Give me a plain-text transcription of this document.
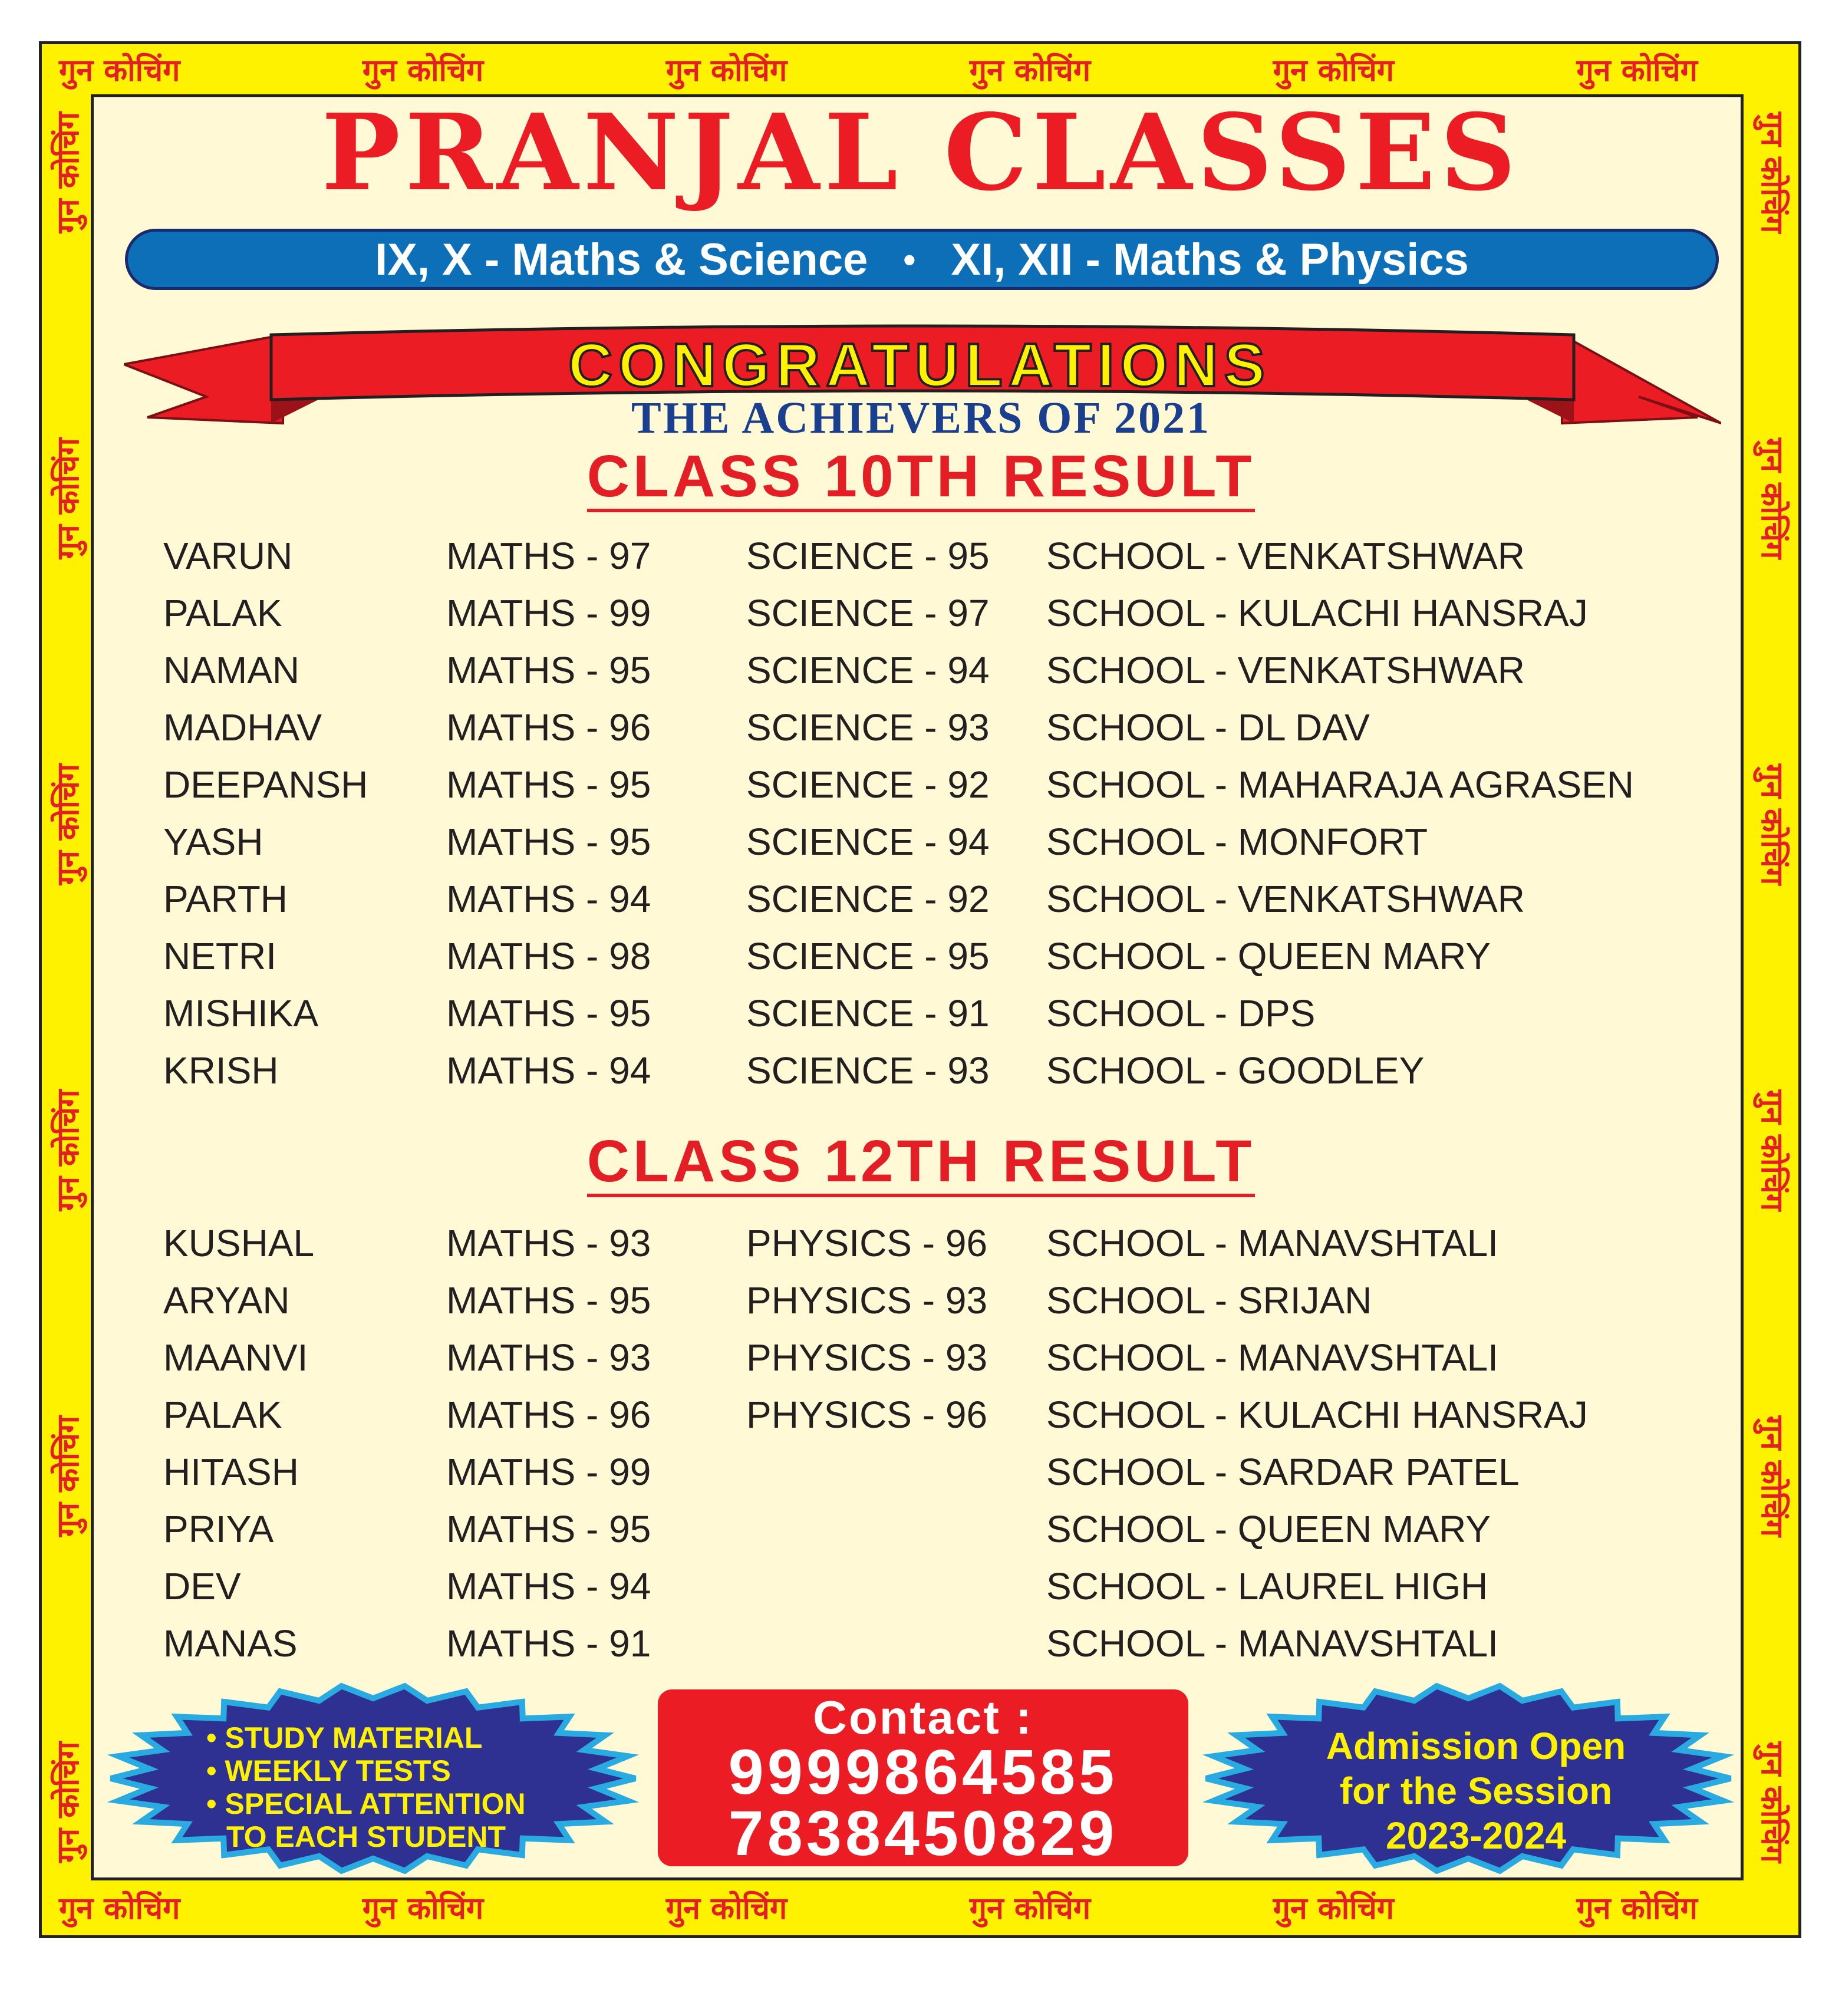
गुन कोचिंग	गुन कोचिंग	गुन कोचिंग	गुन कोचिंग	गुन कोचिंग	गुन कोचिंग
गुन कोचिंग	गुन कोचिंग	गुन कोचिंग	गुन कोचिंग	गुन कोचिंग	गुन कोचिंग
गुन कोचिंग
गुन कोचिंग
गुन कोचिंग
गुन कोचिंग
गुन कोचिंग
गुन कोचिंग	गुन कोचिंग
गुन कोचिंग
गुन कोचिंग
गुन कोचिंग
गुन कोचिंग
गुन कोचिंग
PRANJAL CLASSES
IX, X - Maths & Science • XI, XII - Maths & Physics
CONGRATULATIONS
THE ACHIEVERS OF 2021
CLASS 10TH RESULT
VARUN	MATHS - 97	SCIENCE - 95 SCHOOL - VENKATSHWAR
PALAK	MATHS - 99	SCIENCE - 97 SCHOOL - KULACHI HANSRAJ
NAMAN	MATHS - 95	SCIENCE - 94 SCHOOL - VENKATSHWAR
MADHAV	MATHS - 96	SCIENCE - 93 SCHOOL - DL DAV
DEEPANSH MATHS - 95	SCIENCE - 92 SCHOOL - MAHARAJA AGRASEN
YASH	MATHS - 95	SCIENCE - 94 SCHOOL - MONFORT
PARTH	MATHS - 94	SCIENCE - 92 SCHOOL - VENKATSHWAR
NETRI	MATHS - 98	SCIENCE - 95 SCHOOL - QUEEN MARY
MISHIKA	MATHS - 95	SCIENCE - 91 SCHOOL - DPS
KRISH	MATHS - 94	SCIENCE - 93 SCHOOL - GOODLEY
CLASS 12TH RESULT
KUSHAL	MATHS - 93	PHYSICS - 96 SCHOOL - MANAVSHTALI
ARYAN	MATHS - 95	PHYSICS - 93 SCHOOL - SRIJAN
MAANVI	MATHS - 93	PHYSICS - 93 SCHOOL - MANAVSHTALI
PALAK	MATHS - 96	PHYSICS - 96 SCHOOL - KULACHI HANSRAJ
HITASH	MATHS - 99	SCHOOL - SARDAR PATEL
PRIYA	MATHS - 95	SCHOOL - QUEEN MARY
DEV	MATHS - 94	SCHOOL - LAUREL HIGH
MANAS	MATHS - 91	SCHOOL - MANAVSHTALI
• STUDY MATERIAL
• WEEKLY TESTS
• SPECIAL ATTENTION
TO EACH STUDENT
Contact :
9999864585
7838450829
Admission Open
for the Session
2023-2024
